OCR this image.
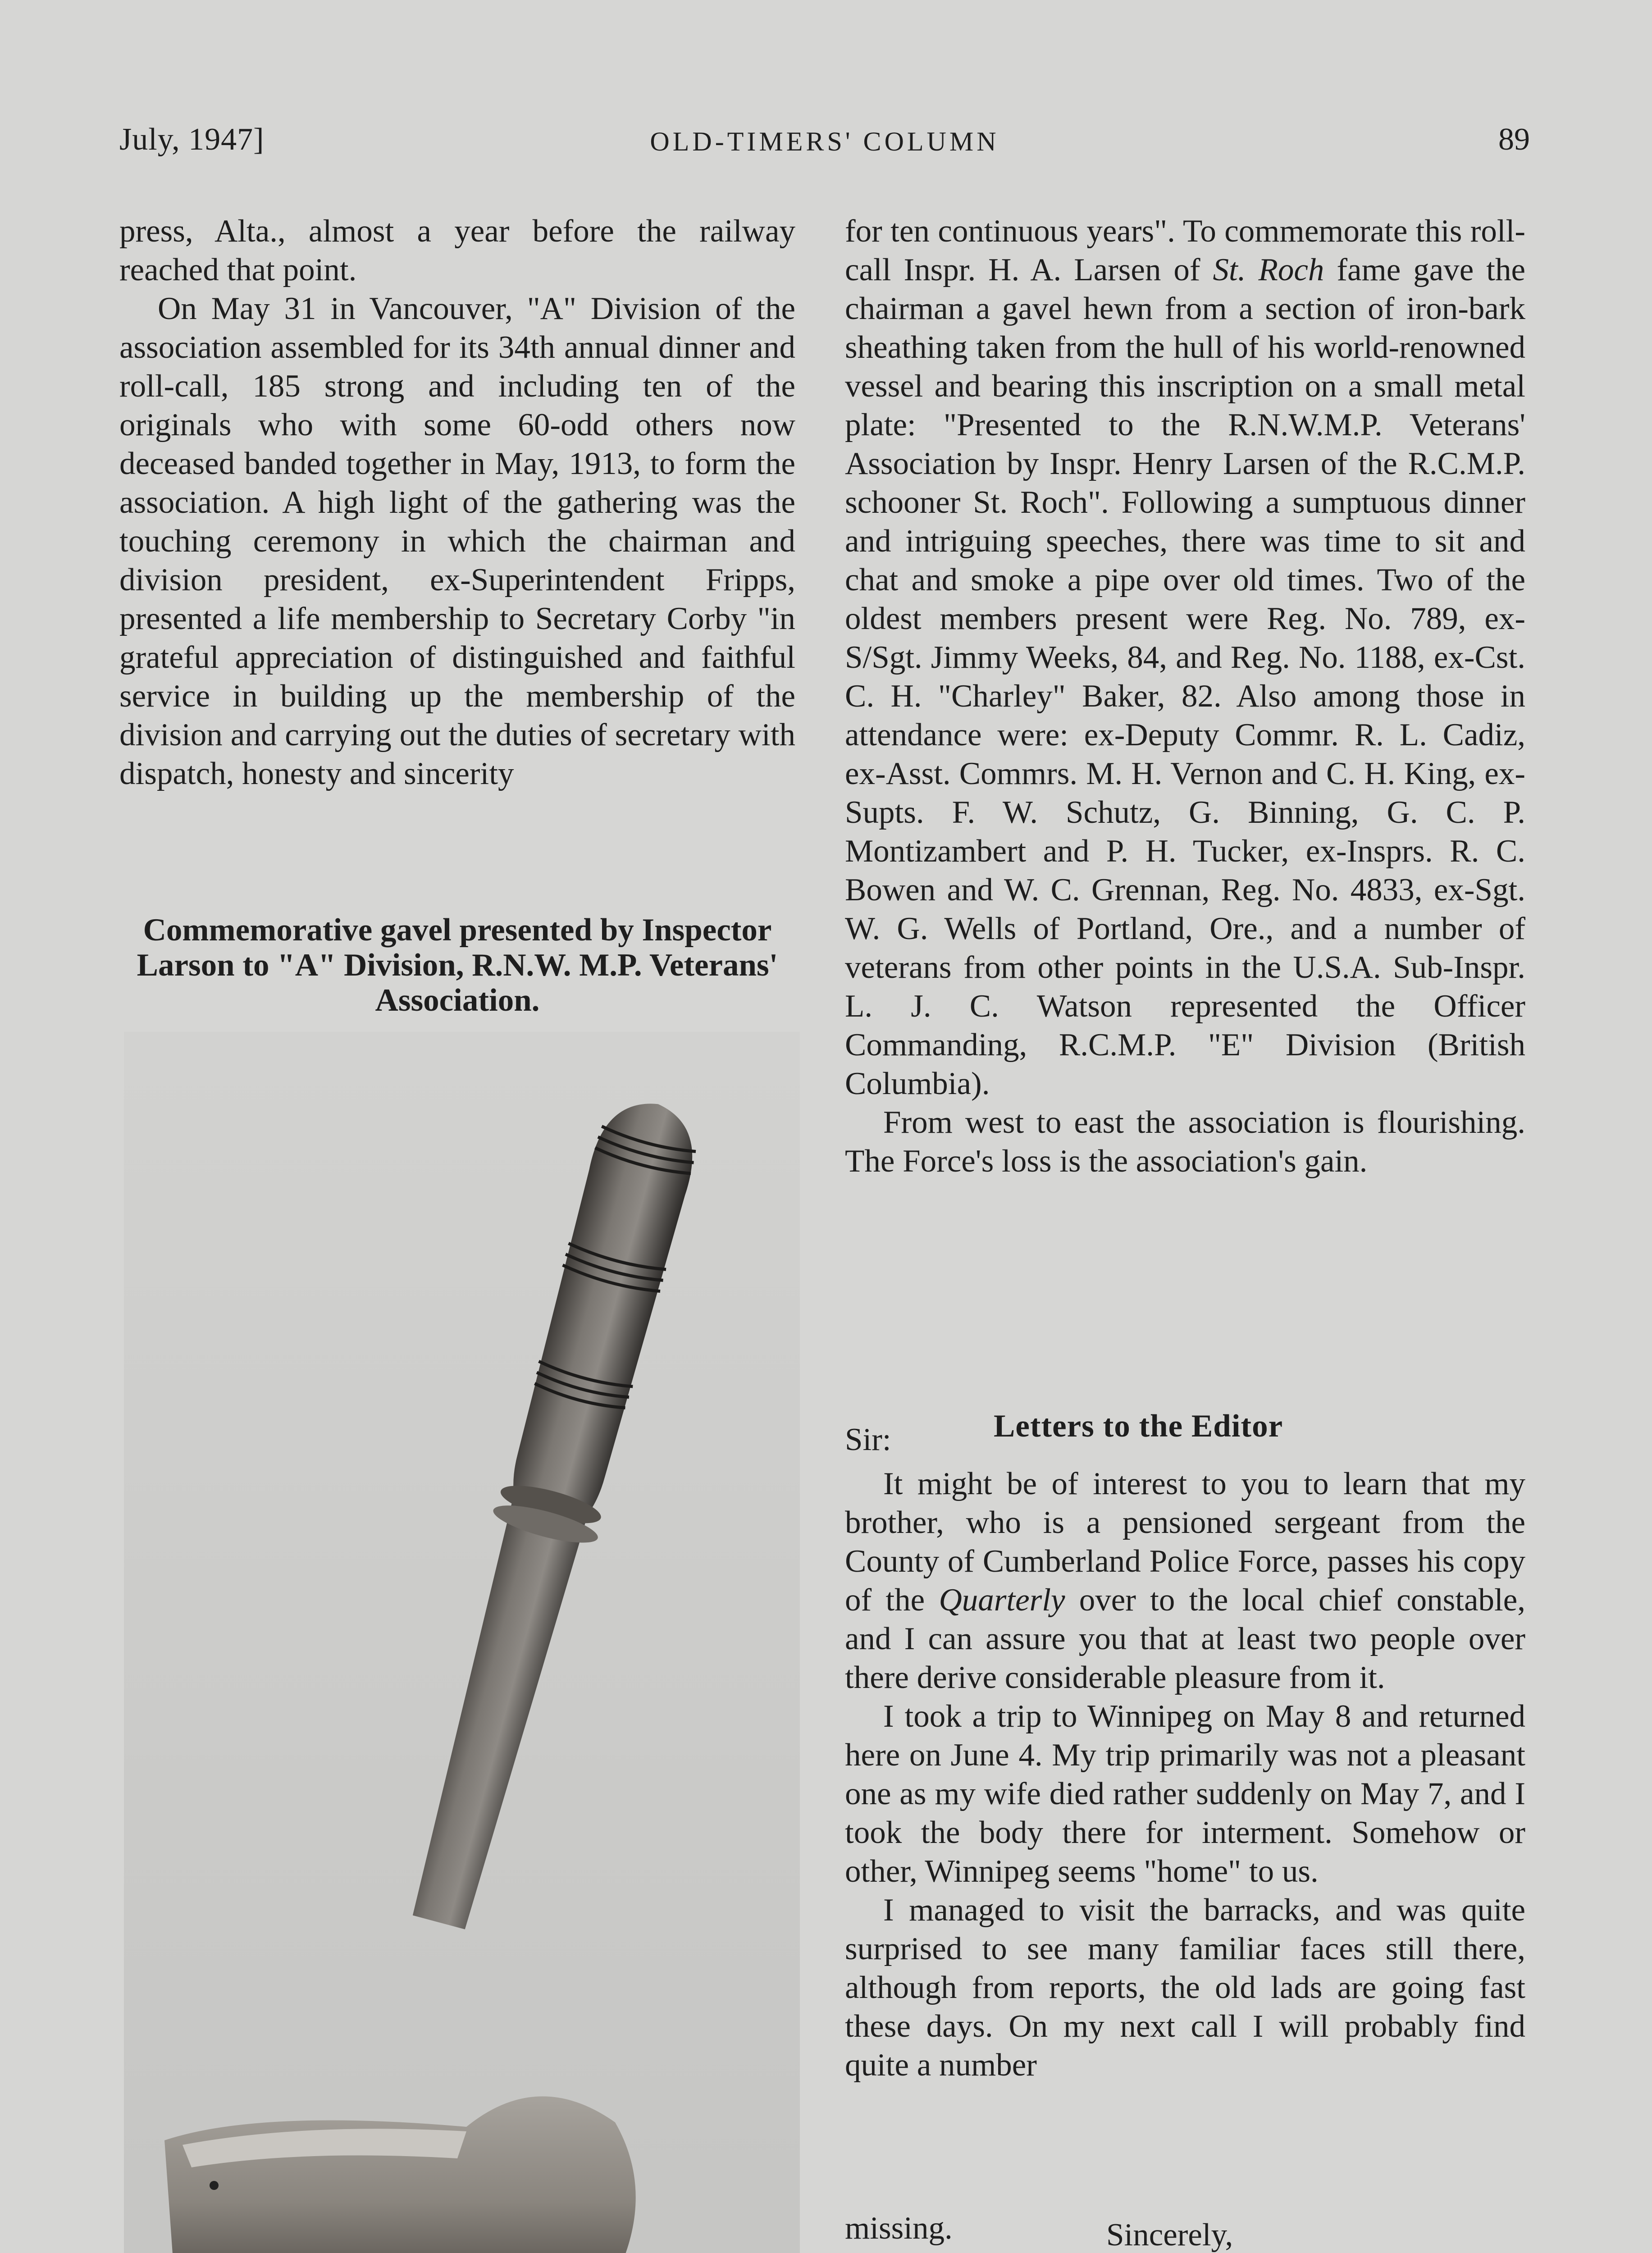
July, 1947]	OLD-TIMERS' COLUMN	89

press, Alta., almost a year before the railway reached that point.

On May 31 in Vancouver, "A" Division of the association assembled for its 34th annual dinner and roll-call, 185 strong and including ten of the originals who with some 60-odd others now deceased banded together in May, 1913, to form the association. A high light of the gathering was the touching ceremony in which the chairman and division president, ex-Superintendent Fripps, presented a life membership to Secretary Corby "in grateful appreciation of distinguished and faithful service in building up the membership of the division and carrying out the duties of secretary with dispatch, honesty and sincerity

Commemorative gavel presented by Inspector Larson to "A" Division, R.N.W. M.P. Veterans' Association.

for ten continuous years". To commemorate this roll-call Inspr. H. A. Larsen of St. Roch fame gave the chairman a gavel hewn from a section of iron-bark sheathing taken from the hull of his world-renowned vessel and bearing this inscription on a small metal plate: "Presented to the R.N.W.M.P. Veterans' Association by Inspr. Henry Larsen of the R.C.M.P. schooner St. Roch". Following a sumptuous dinner and intriguing speeches, there was time to sit and chat and smoke a pipe over old times. Two of the oldest members present were Reg. No. 789, ex-S/Sgt. Jimmy Weeks, 84, and Reg. No. 1188, ex-Cst. C. H. "Charley" Baker, 82. Also among those in attendance were: ex-Deputy Commr. R. L. Cadiz, ex-Asst. Commrs. M. H. Vernon and C. H. King, ex-Supts. F. W. Schutz, G. Binning, G. C. P. Montizambert and P. H. Tucker, ex-Insprs. R. C. Bowen and W. C. Grennan, Reg. No. 4833, ex-Sgt. W. G. Wells of Portland, Ore., and a number of veterans from other points in the U.S.A. Sub-Inspr. L. J. C. Watson represented the Officer Commanding, R.C.M.P. "E" Division (British Columbia).

From west to east the association is flourishing. The Force's loss is the association's gain.

Sir:	Letters to the Editor

It might be of interest to you to learn that my brother, who is a pensioned sergeant from the County of Cumberland Police Force, passes his copy of the Quarterly over to the local chief constable, and I can assure you that at least two people over there derive considerable pleasure from it.

I took a trip to Winnipeg on May 8 and returned here on June 4. My trip primarily was not a pleasant one as my wife died rather suddenly on May 7, and I took the body there for interment. Somehow or other, Winnipeg seems "home" to us.

I managed to visit the barracks, and was quite surprised to see many familiar faces still there, although from reports, the old lads are going fast these days. On my next call I will probably find quite a number

missing.	Sincerely,
